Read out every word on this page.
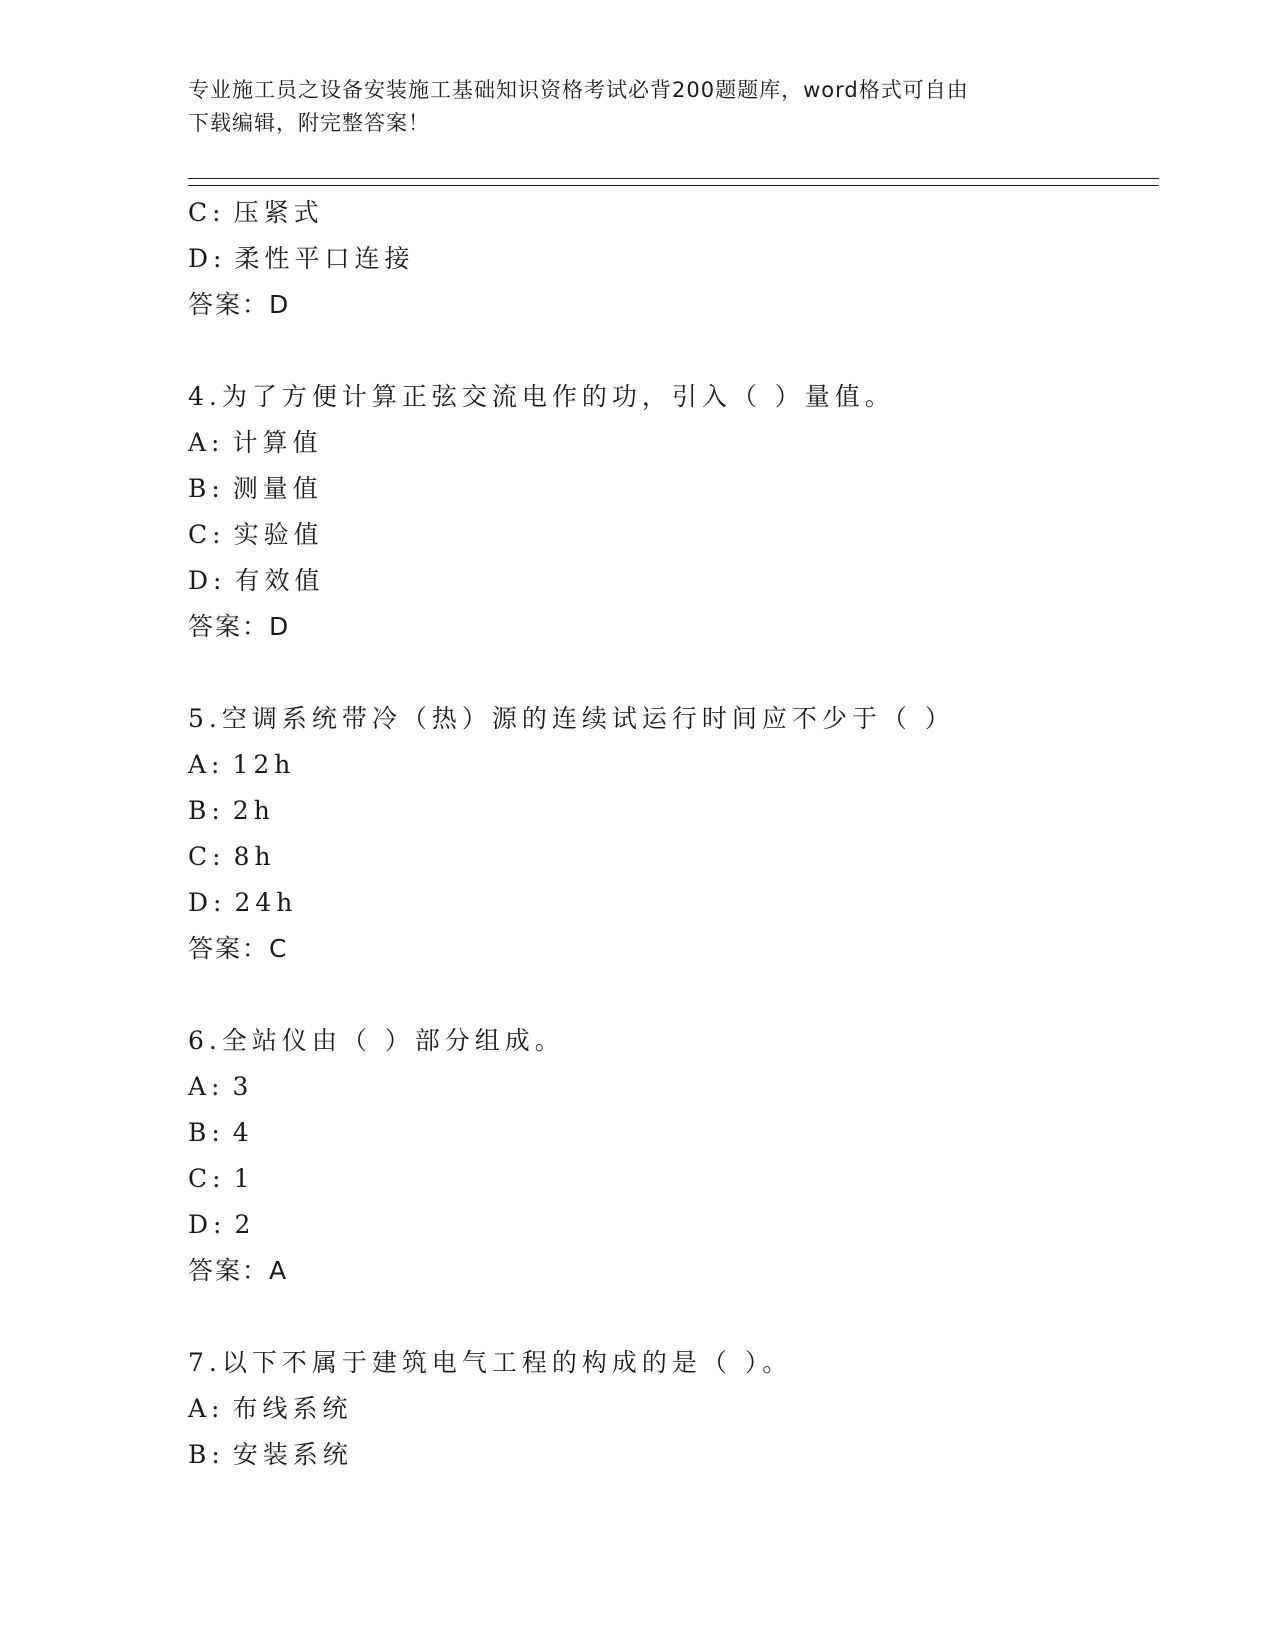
专业施工员之设备安装施工基础知识资格考试必背200题题库，word格式可自由
下载编辑，附完整答案！
C: 压紧式
D: 柔性平口连接
答案：D
4.为了方便计算正弦交流电作的功，引入（ ）量值。
A: 计算值
B: 测量值
C: 实验值
D: 有效值
答案：D
5.空调系统带冷（热）源的连续试运行时间应不少于（ ）
A: 12h
B: 2h
C: 8h
D: 24h
答案：C
6.全站仪由（ ）部分组成。
A: 3
B: 4
C: 1
D: 2
答案：A
7.以下不属于建筑电气工程的构成的是（ ）。
A: 布线系统
B: 安装系统
